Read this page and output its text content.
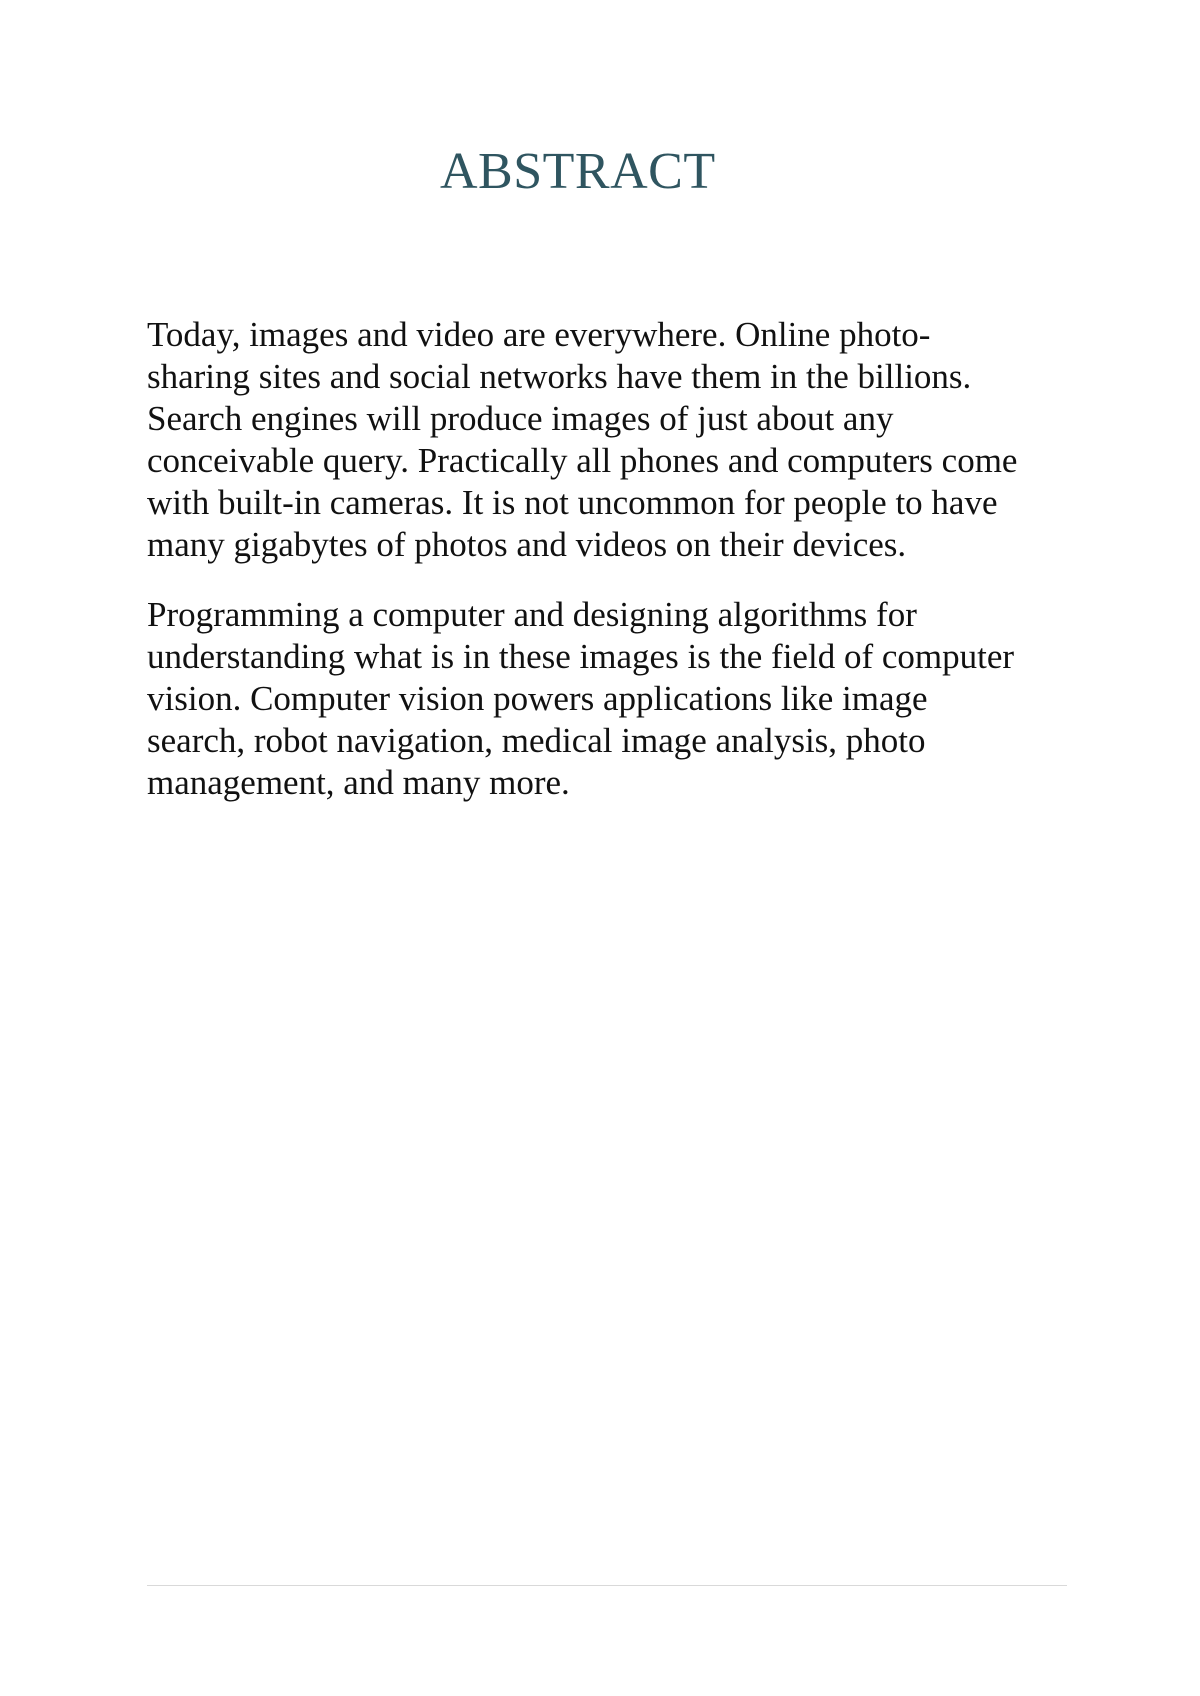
ABSTRACT

Today, images and video are everywhere. Online photo-
sharing sites and social networks have them in the billions.
Search engines will produce images of just about any
conceivable query. Practically all phones and computers come
with built-in cameras. It is not uncommon for people to have
many gigabytes of photos and videos on their devices.

Programming a computer and designing algorithms for
understanding what is in these images is the field of computer
vision. Computer vision powers applications like image
search, robot navigation, medical image analysis, photo
management, and many more.
